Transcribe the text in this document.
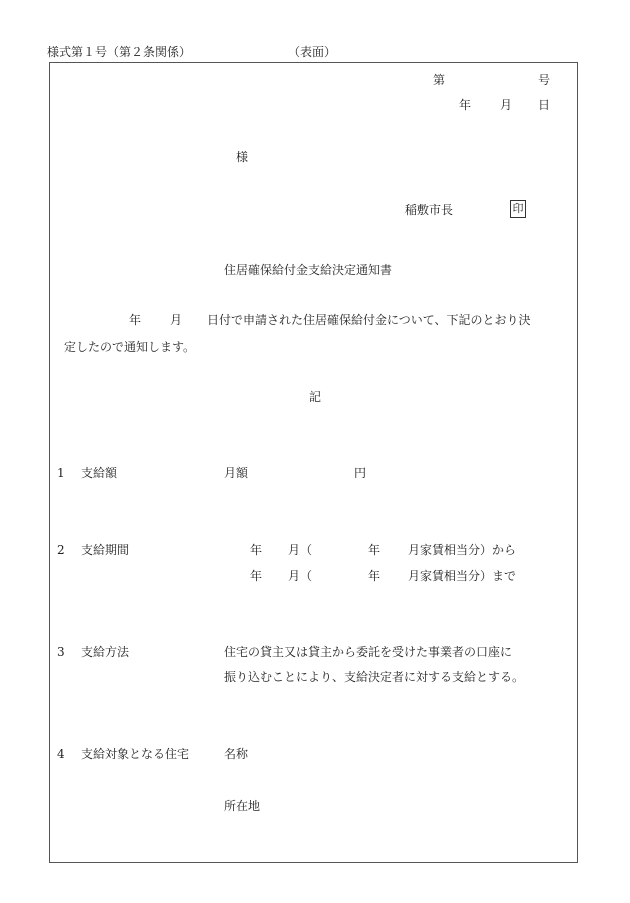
様式第１号（第２条関係）	（表面）
第	号
年 月 日
様
稲敷市長	印
住居確保給付金支給決定通知書
年 月 日付で申請された住居確保給付金について、下記のとおり決
定したので通知します。
記
1 支給額	月額	円
2 支給期間	年 月（	年 月家賃相当分）から
年 月（	年 月家賃相当分）まで
3 支給方法	住宅の貸主又は貸主から委託を受けた事業者の口座に
振り込むことにより、支給決定者に対する支給とする。
4 支給対象となる住宅	名称
所在地
